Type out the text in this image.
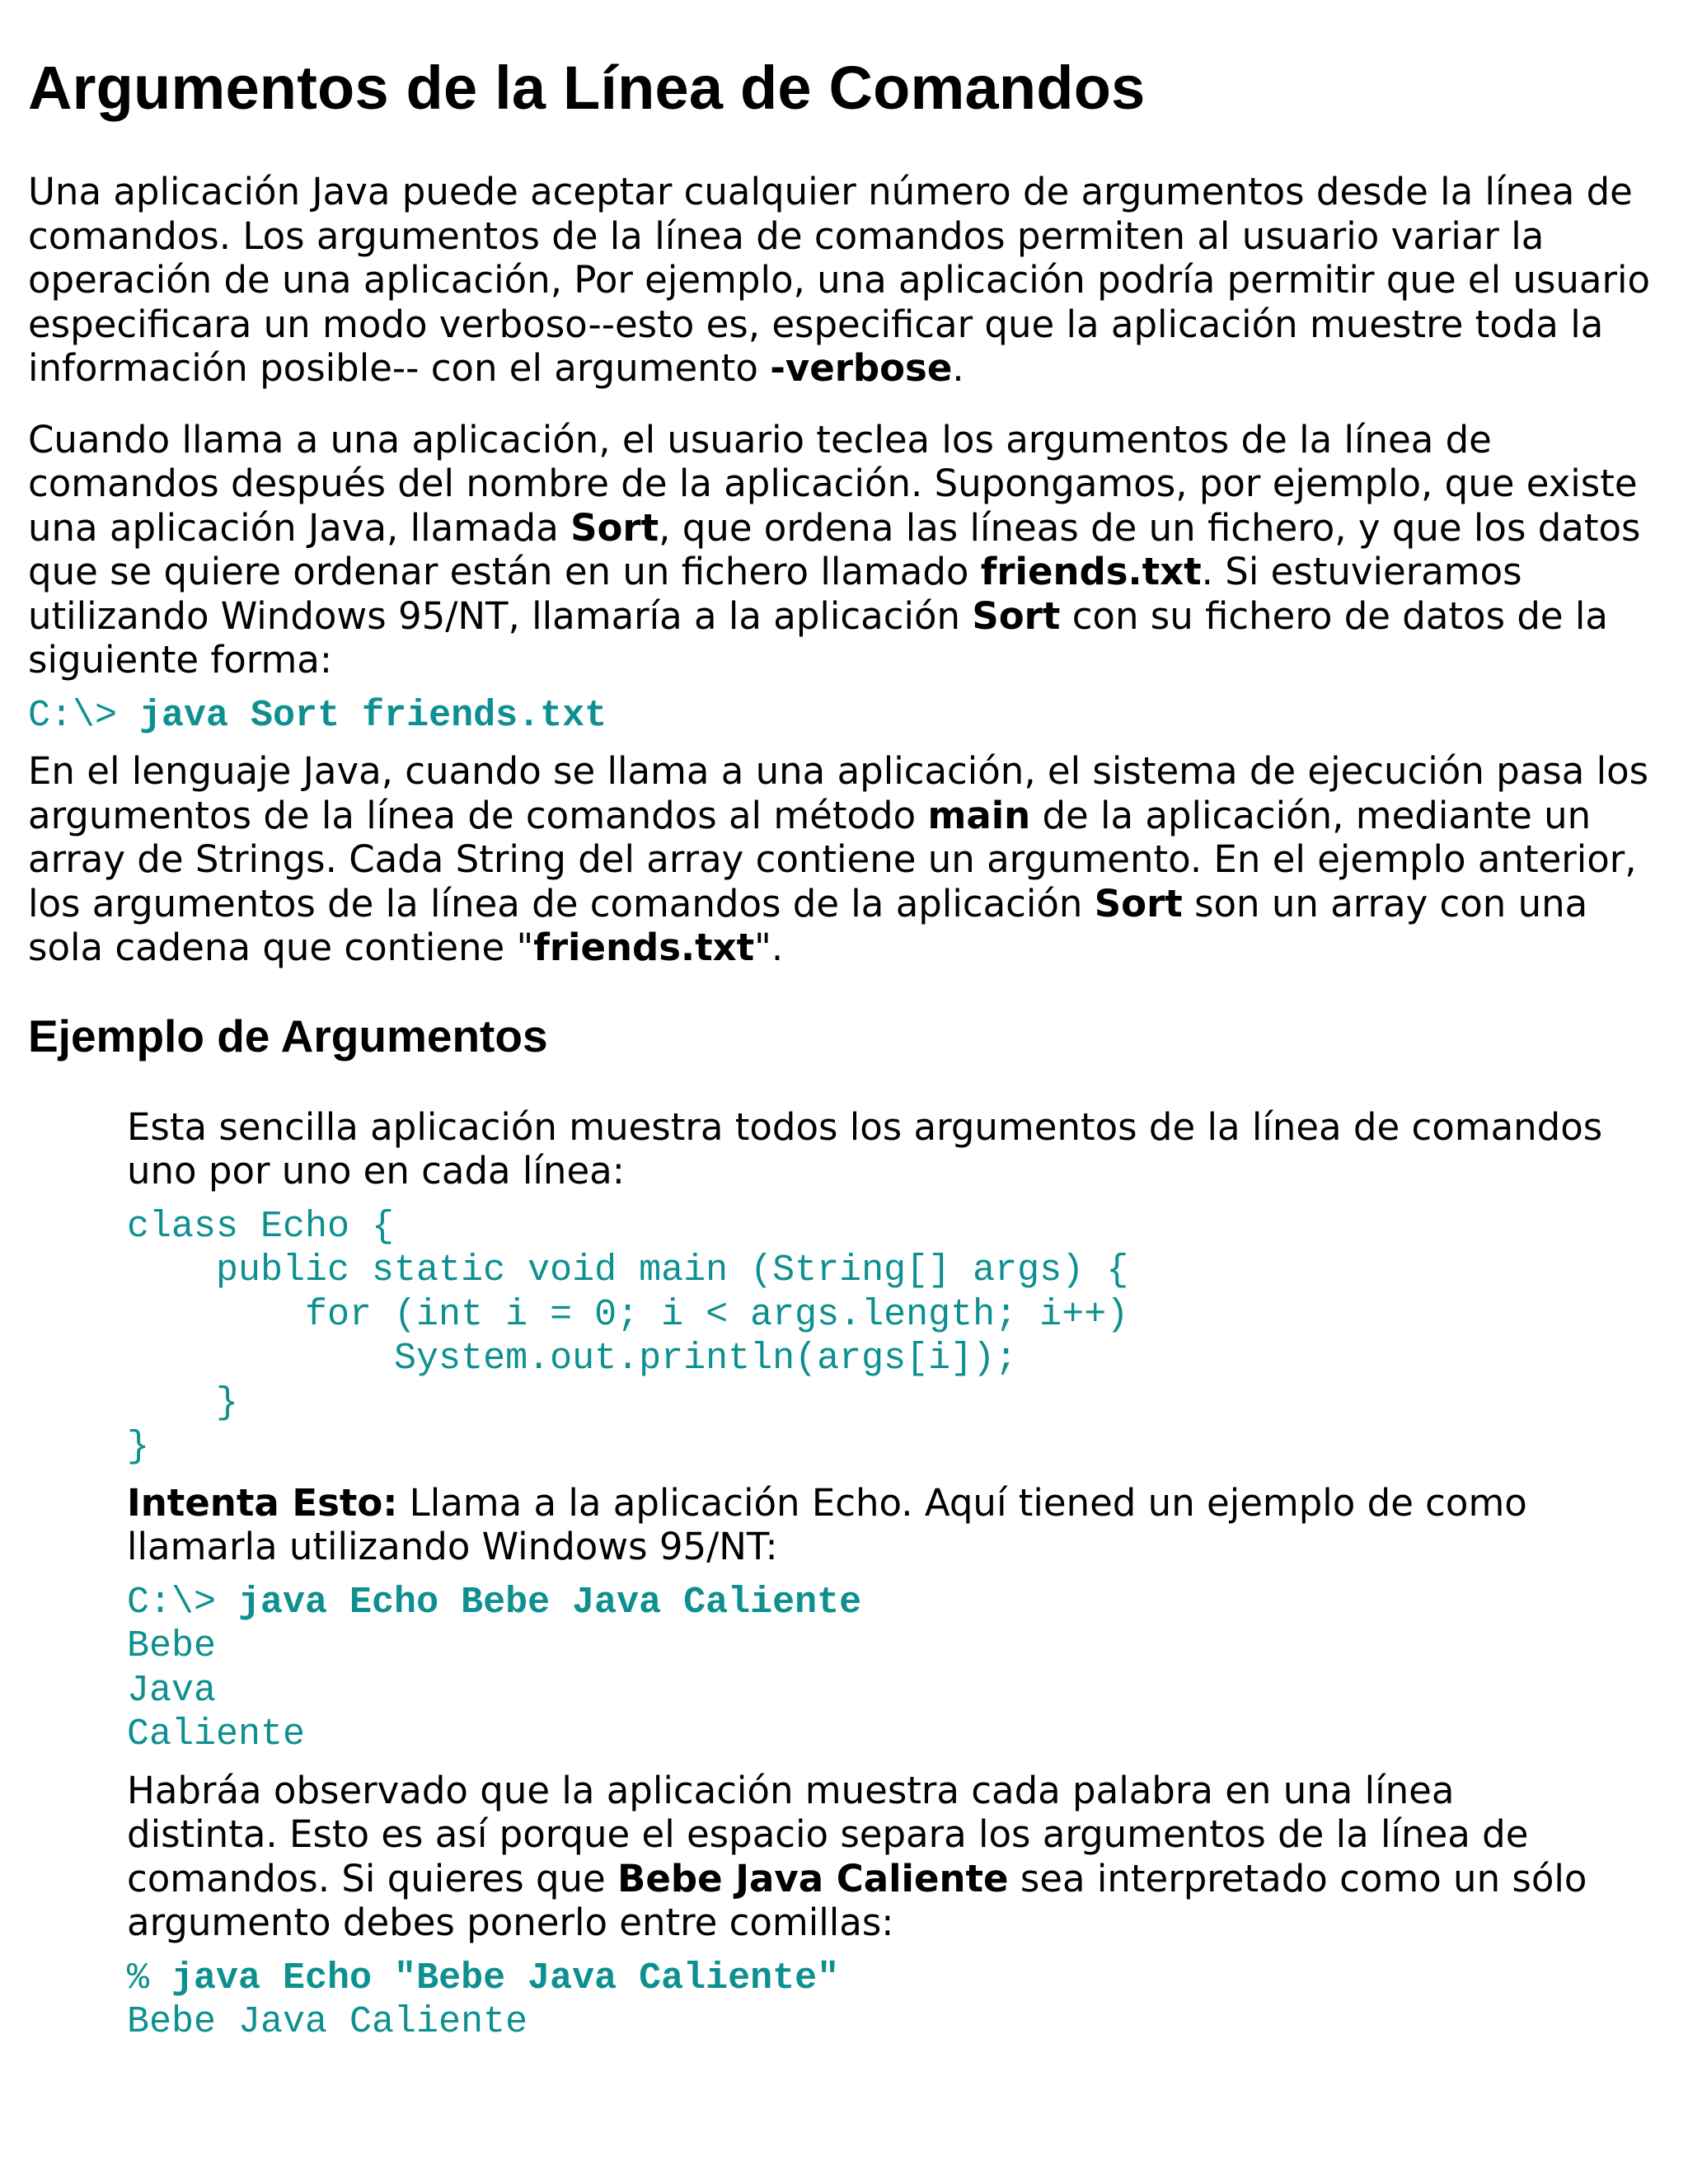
Argumentos de la Línea de Comandos

Una aplicación Java puede aceptar cualquier número de argumentos desde la línea de comandos. Los argumentos de la línea de comandos permiten al usuario variar la operación de una aplicación, Por ejemplo, una aplicación podría permitir que el usuario especificara un modo verboso--esto es, especificar que la aplicación muestre toda la información posible-- con el argumento -verbose.

Cuando llama a una aplicación, el usuario teclea los argumentos de la línea de comandos después del nombre de la aplicación. Supongamos, por ejemplo, que existe una aplicación Java, llamada Sort, que ordena las líneas de un fichero, y que los datos que se quiere ordenar están en un fichero llamado friends.txt. Si estuvieramos utilizando Windows 95/NT, llamaría a la aplicación Sort con su fichero de datos de la siguiente forma:

C:\> java Sort friends.txt

En el lenguaje Java, cuando se llama a una aplicación, el sistema de ejecución pasa los argumentos de la línea de comandos al método main de la aplicación, mediante un array de Strings. Cada String del array contiene un argumento. En el ejemplo anterior, los argumentos de la línea de comandos de la aplicación Sort son un array con una sola cadena que contiene "friends.txt".

Ejemplo de Argumentos

Esta sencilla aplicación muestra todos los argumentos de la línea de comandos uno por uno en cada línea:

class Echo {
public static void main (String[] args) {
for (int i = 0; i < args.length; i++)
System.out.println(args[i]);
}
}

Intenta Esto: Llama a la aplicación Echo. Aquí tiened un ejemplo de como llamarla utilizando Windows 95/NT:

C:\> java Echo Bebe Java Caliente
Bebe
Java
Caliente

Habráa observado que la aplicación muestra cada palabra en una línea distinta. Esto es así porque el espacio separa los argumentos de la línea de comandos. Si quieres que Bebe Java Caliente sea interpretado como un sólo argumento debes ponerlo entre comillas:

% java Echo "Bebe Java Caliente"
Bebe Java Caliente
